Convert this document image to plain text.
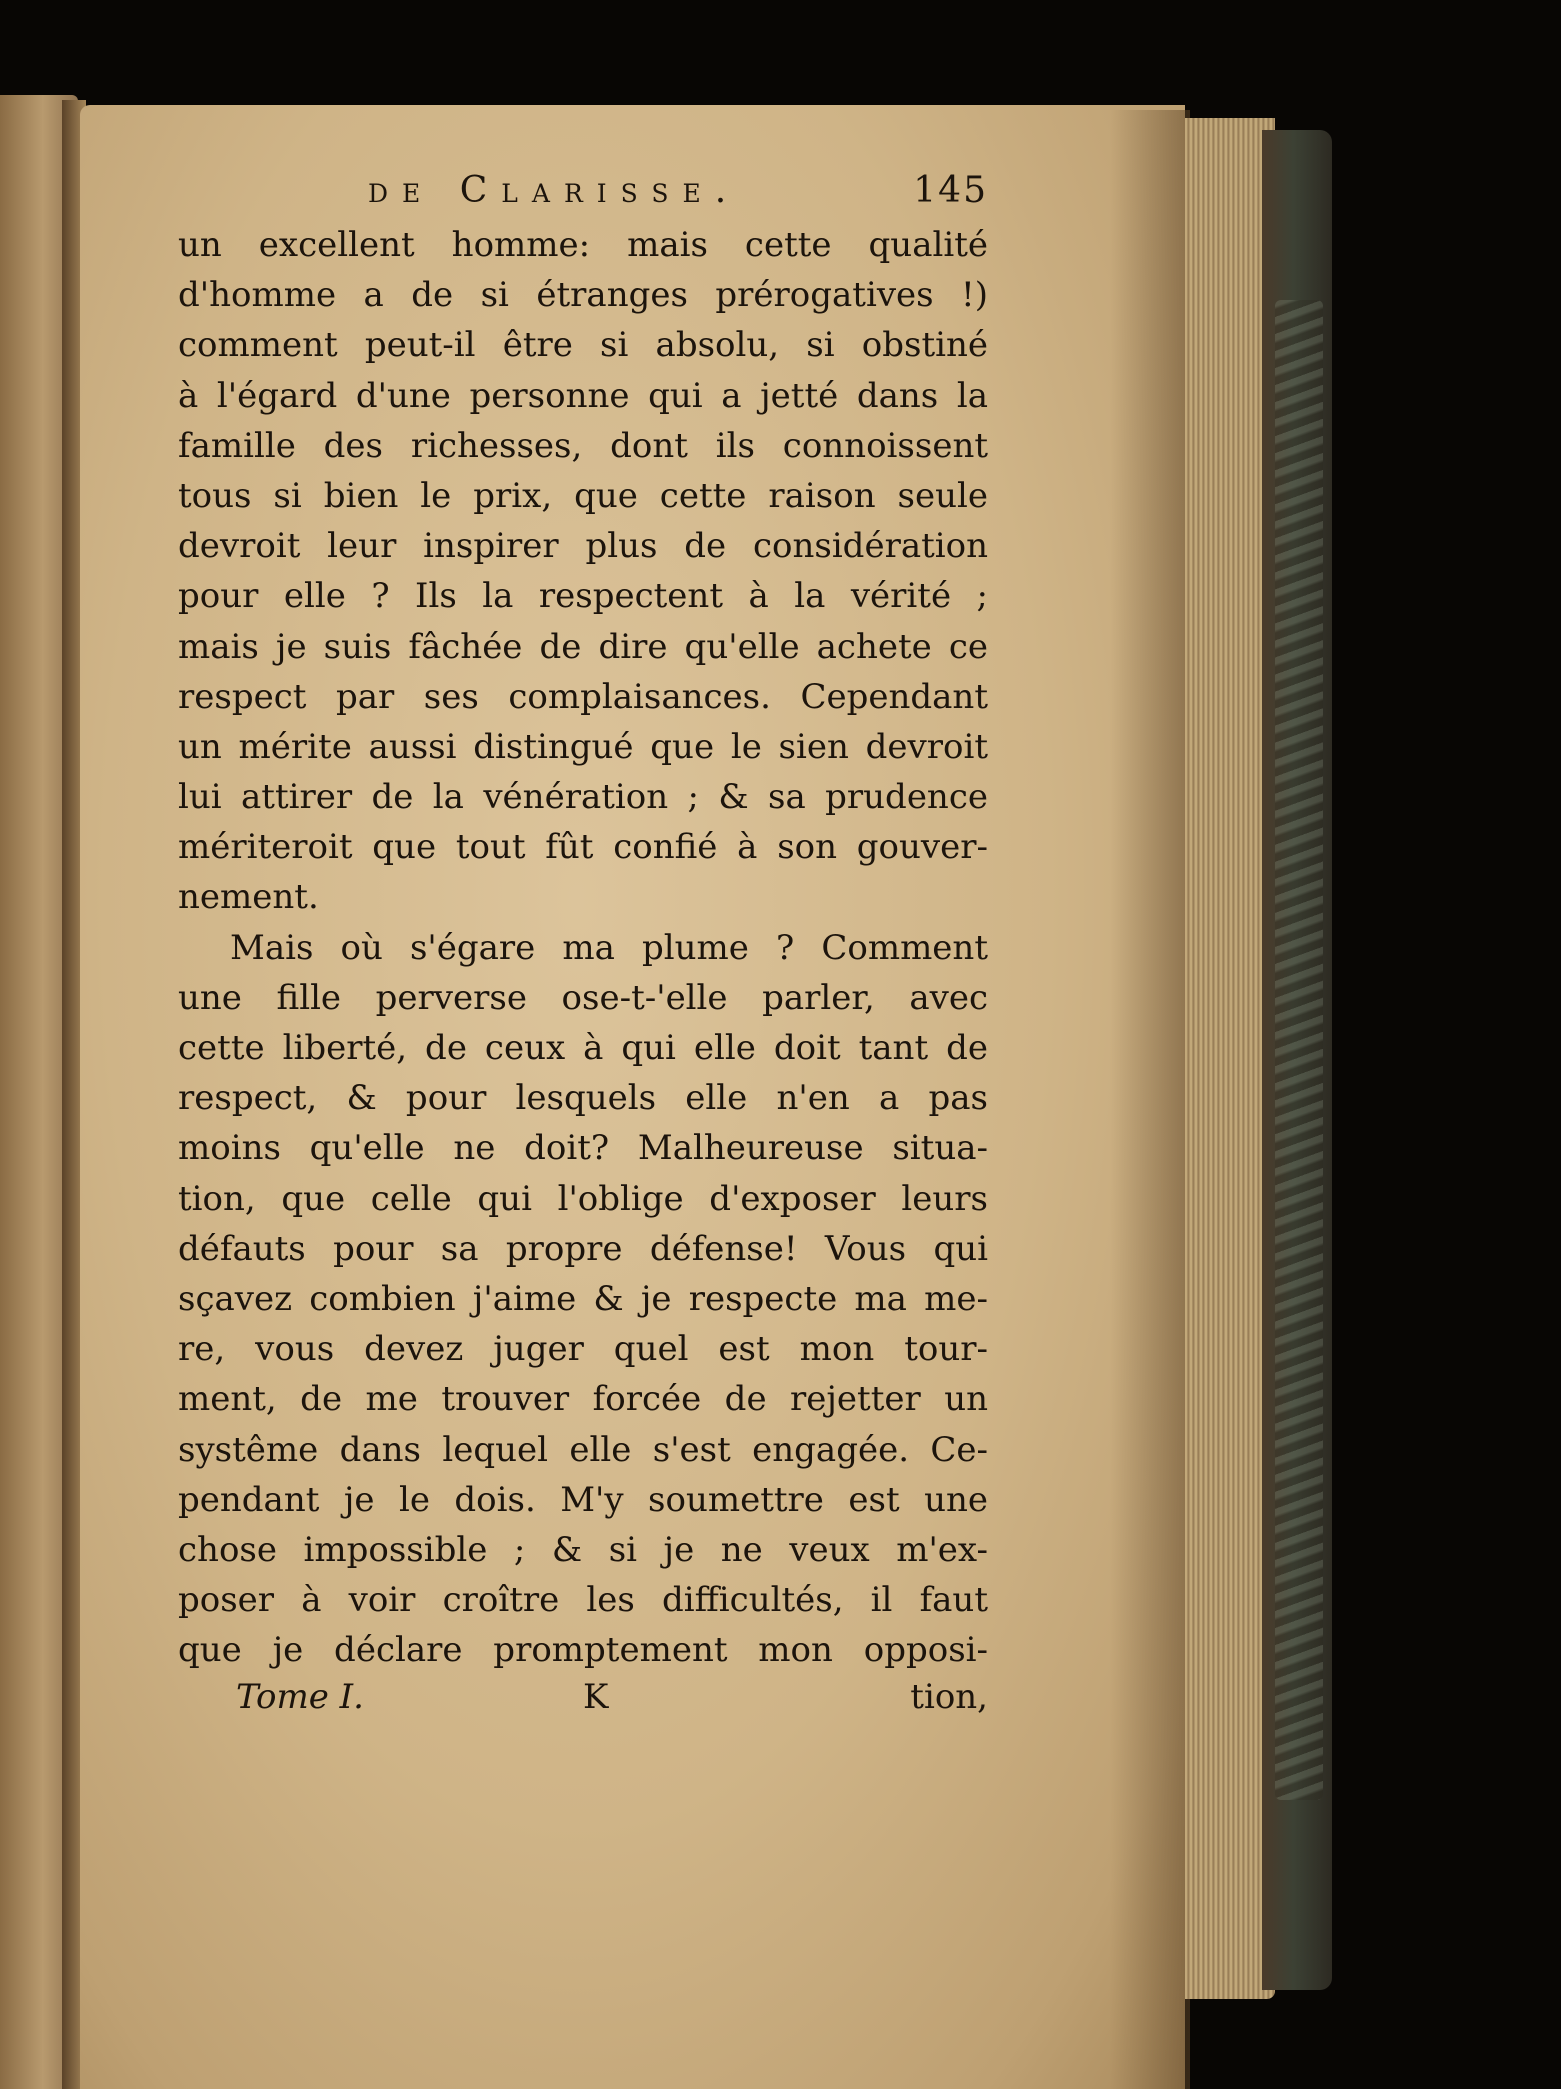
de Clarisse.	145
un excellent homme: mais cette qualité
d'homme a de si étranges prérogatives !)
comment peut-il être si absolu, si obstiné
à l'égard d'une personne qui a jetté dans la
famille des richesses, dont ils connoissent
tous si bien le prix, que cette raison seule
devroit leur inspirer plus de considération
pour elle ? Ils la respectent à la vérité ;
mais je suis fâchée de dire qu'elle achete ce
respect par ses complaisances. Cependant
un mérite aussi distingué que le sien devroit
lui attirer de la vénération ; & sa prudence
mériteroit que tout fût confié à son gouver-
nement.
Mais où s'égare ma plume ? Comment
une fille perverse ose-t-'elle parler, avec
cette liberté, de ceux à qui elle doit tant de
respect, & pour lesquels elle n'en a pas
moins qu'elle ne doit? Malheureuse situa-
tion, que celle qui l'oblige d'exposer leurs
défauts pour sa propre défense! Vous qui
sçavez combien j'aime & je respecte ma me-
re, vous devez juger quel est mon tour-
ment, de me trouver forcée de rejetter un
systême dans lequel elle s'est engagée. Ce-
pendant je le dois. M'y soumettre est une
chose impossible ; & si je ne veux m'ex-
poser à voir croître les difficultés, il faut
que je déclare promptement mon opposi-
Tome I.	K	tion,
